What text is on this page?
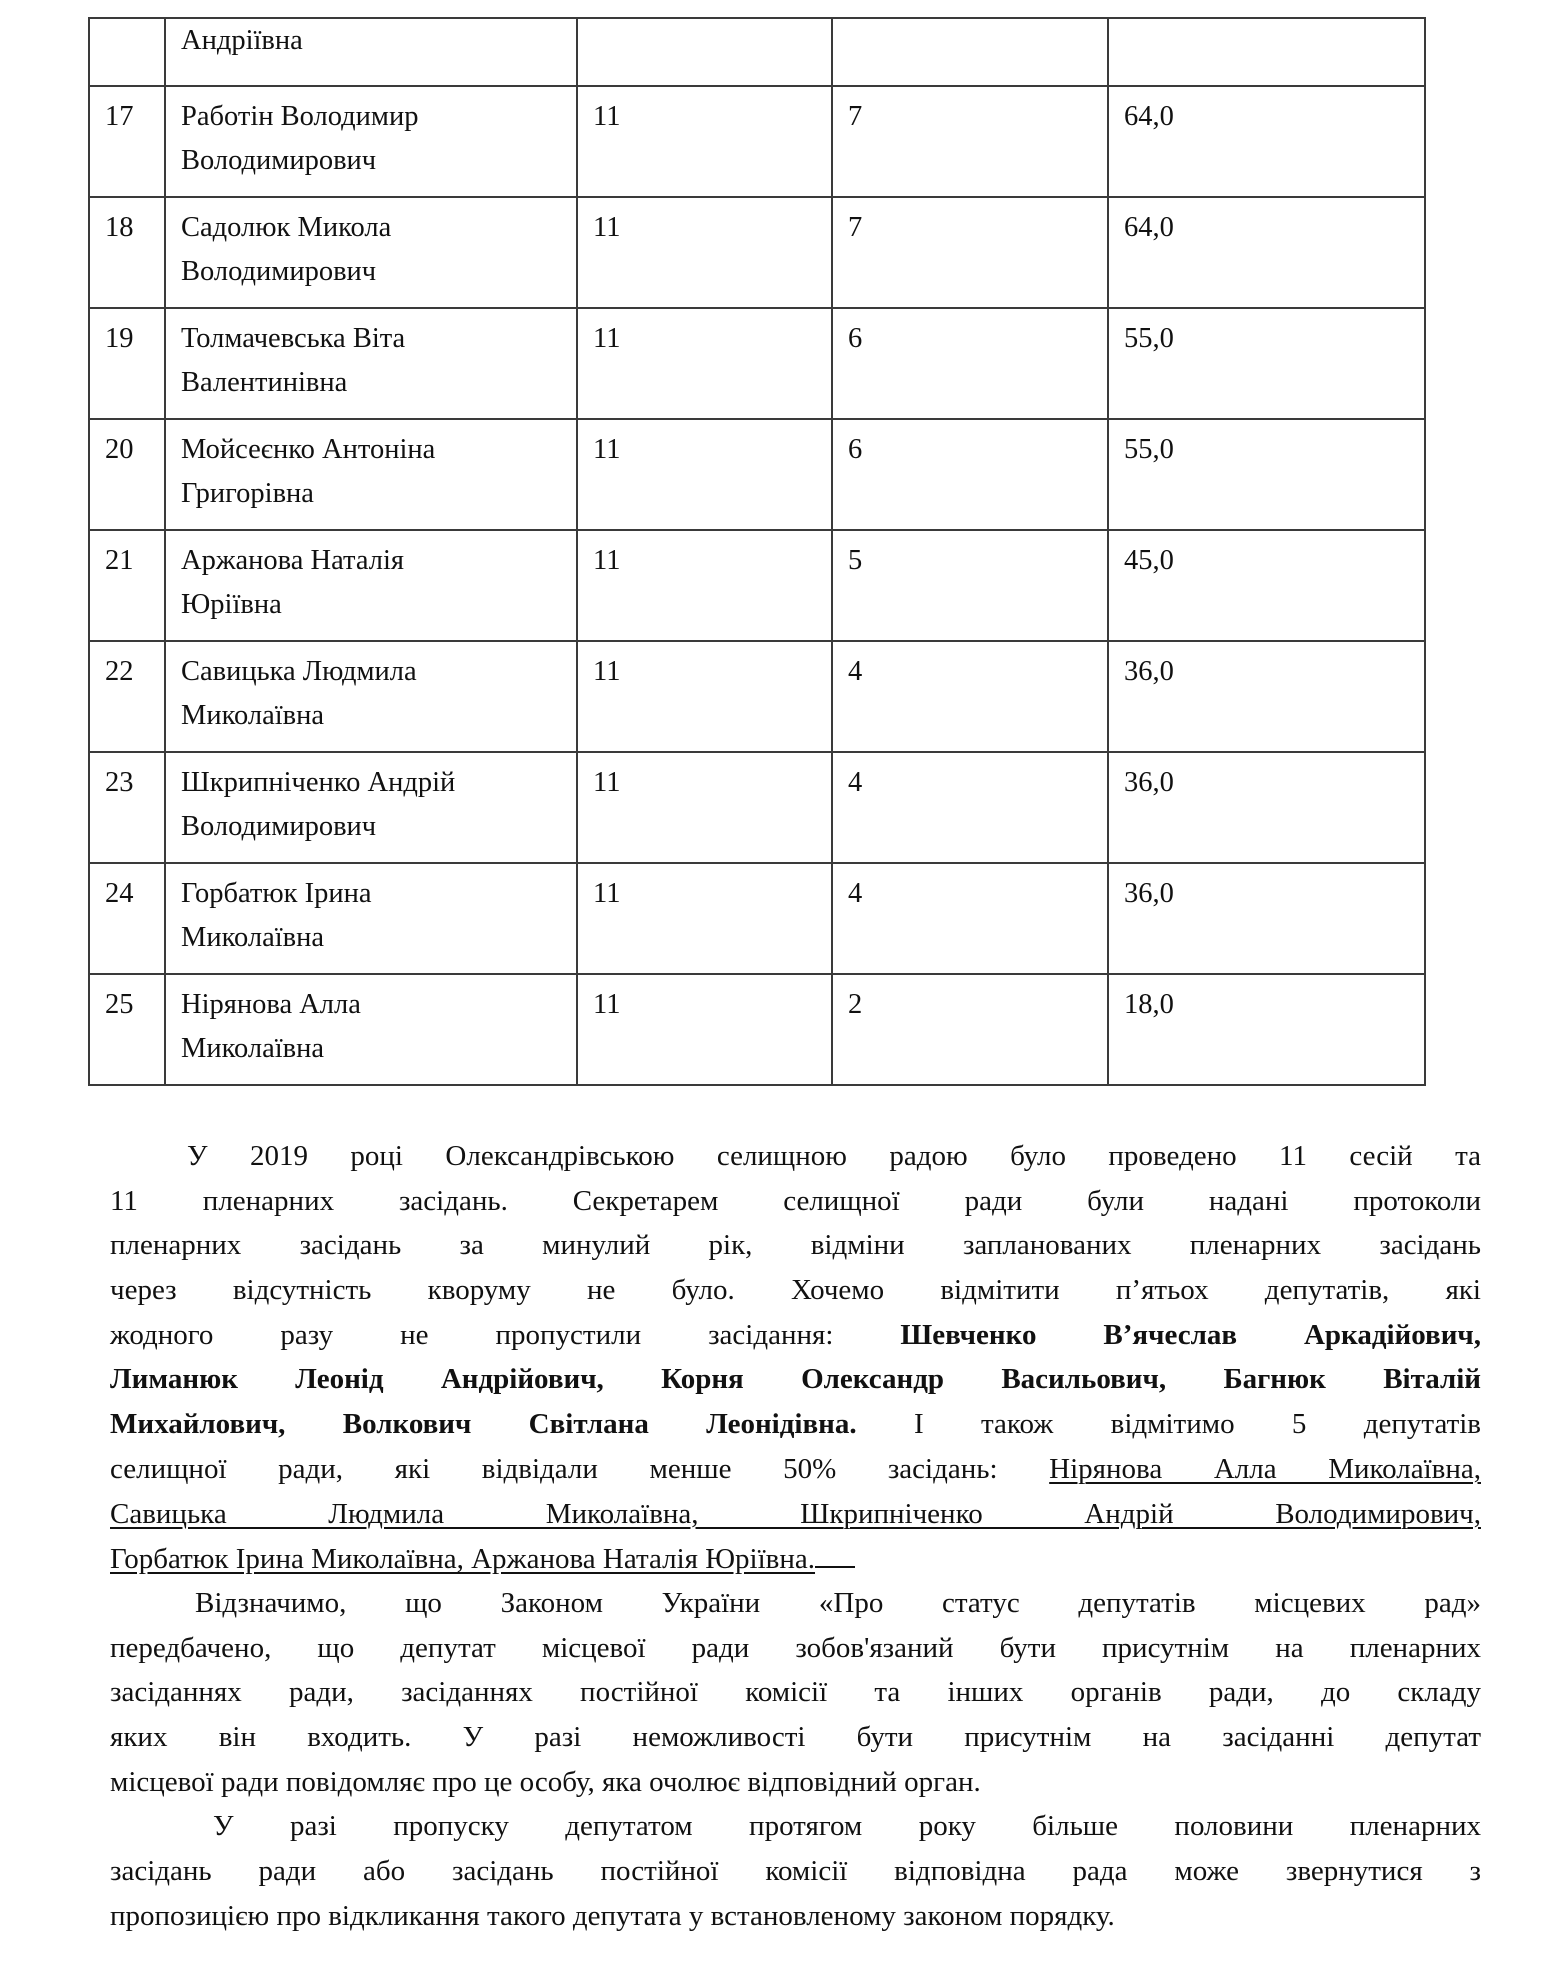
	Андріївна			

17	Работін Володимир
Володимирович	11	7	64,0

18	Садолюк Микола
Володимирович	11	7	64,0

19	Толмачевська Віта
Валентинівна	11	6	55,0

20	Мойсеєнко Антоніна
Григорівна	11	6	55,0

21	Аржанова Наталія
Юріївна	11	5	45,0

22	Савицька Людмила
Миколаївна	11	4	36,0

23	Шкрипніченко Андрій
Володимирович	11	4	36,0

24	Горбатюк Ірина
Миколаївна	11	4	36,0

25	Нірянова Алла
Миколаївна	11	2	18,0
У 2019 році Олександрівською селищною радою було проведено 11 сесій та
11 пленарних засідань. Секретарем селищної ради були надані протоколи
пленарних засідань за минулий рік, відміни запланованих пленарних засідань
через відсутність кворуму не було. Хочемо відмітити п’ятьох депутатів, які
жодного разу не пропустили засідання: Шевченко В’ячеслав Аркадійович,
Лиманюк Леонід Андрійович, Корня Олександр Васильович, Багнюк Віталій
Михайлович, Волкович Світлана Леонідівна. І також відмітимо 5 депутатів
селищної ради, які відвідали менше 50% засідань: Нірянова Алла Миколаївна,
Савицька Людмила Миколаївна, Шкрипніченко Андрій Володимирович,
Горбатюк Ірина Миколаївна, Аржанова Наталія Юріївна.
Відзначимо, що Законом України «Про статус депутатів місцевих рад»
передбачено, що депутат місцевої ради зобов'язаний бути присутнім на пленарних
засіданнях ради, засіданнях постійної комісії та інших органів ради, до складу
яких він входить. У разі неможливості бути присутнім на засіданні депутат
місцевої ради повідомляє про це особу, яка очолює відповідний орган.
У разі пропуску депутатом протягом року більше половини пленарних
засідань ради або засідань постійної комісії відповідна рада може звернутися з
пропозицією про відкликання такого депутата у встановленому законом порядку.
